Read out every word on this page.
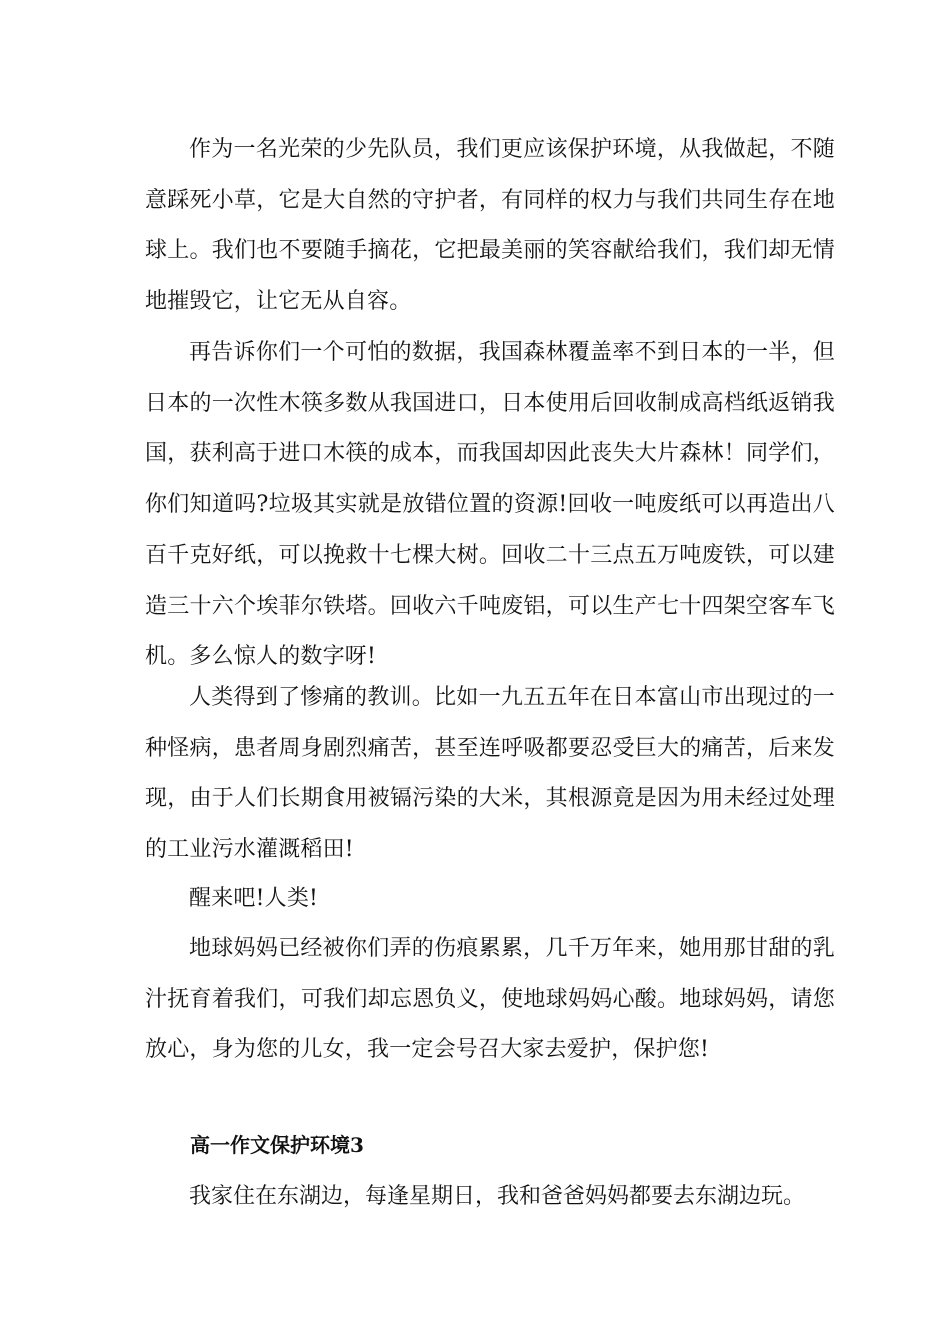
作为一名光荣的少先队员，我们更应该保护环境，从我做起，不随意踩死小草，它是大自然的守护者，有同样的权力与我们共同生存在地球上。我们也不要随手摘花，它把最美丽的笑容献给我们，我们却无情地摧毁它，让它无从自容。

再告诉你们一个可怕的数据，我国森林覆盖率不到日本的一半，但日本的一次性木筷多数从我国进口，日本使用后回收制成高档纸返销我国，获利高于进口木筷的成本，而我国却因此丧失大片森林！同学们，你们知道吗?垃圾其实就是放错位置的资源!回收一吨废纸可以再造出八百千克好纸，可以挽救十七棵大树。回收二十三点五万吨废铁，可以建造三十六个埃菲尔铁塔。回收六千吨废铝，可以生产七十四架空客车飞机。多么惊人的数字呀!

人类得到了惨痛的教训。比如一九五五年在日本富山市出现过的一种怪病，患者周身剧烈痛苦，甚至连呼吸都要忍受巨大的痛苦，后来发现，由于人们长期食用被镉污染的大米，其根源竟是因为用未经过处理的工业污水灌溉稻田!

醒来吧!人类!

地球妈妈已经被你们弄的伤痕累累，几千万年来，她用那甘甜的乳汁抚育着我们，可我们却忘恩负义，使地球妈妈心酸。地球妈妈，请您放心，身为您的儿女，我一定会号召大家去爱护，保护您!

高一作文保护环境3

我家住在东湖边，每逢星期日，我和爸爸妈妈都要去东湖边玩。
